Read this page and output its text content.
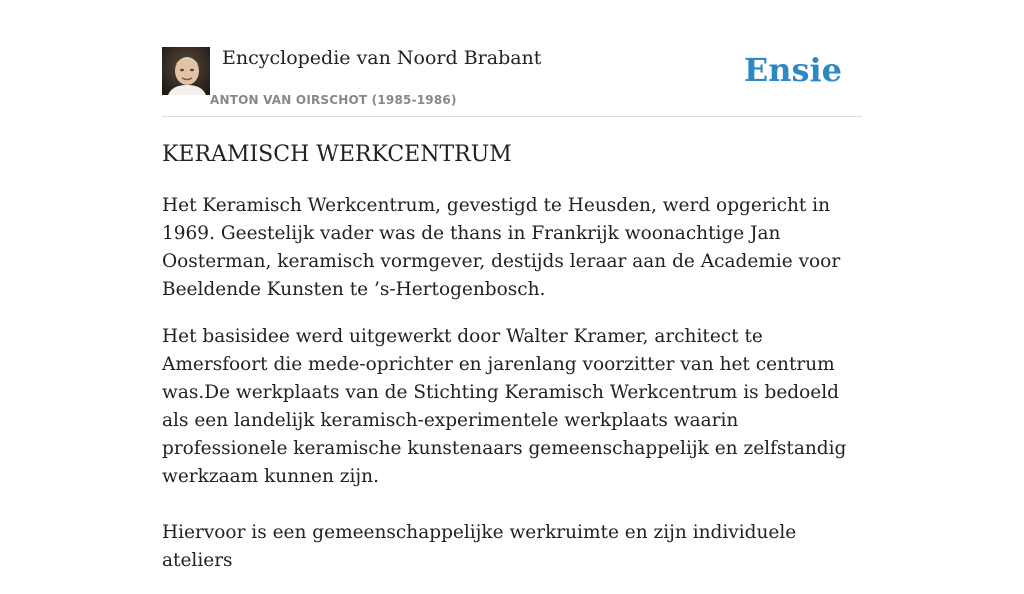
Encyclopedie van Noord Brabant
ANTON VAN OIRSCHOT (1985-1986)
Ensie
KERAMISCH WERKCENTRUM

Het Keramisch Werkcentrum, gevestigd te Heusden, werd opgericht in 1969. Geestelijk vader was de thans in Frankrijk woonachtige Jan Oosterman, keramisch vormgever, destijds leraar aan de Academie voor Beeldende Kunsten te ’s-Hertogenbosch.

Het basisidee werd uitgewerkt door Walter Kramer, architect te Amersfoort die mede-oprichter en jarenlang voorzitter van het centrum was.De werkplaats van de Stichting Keramisch Werkcentrum is bedoeld als een landelijk keramisch-experimentele werkplaats waarin professionele keramische kunstenaars gemeenschappelijk en zelfstandig werkzaam kunnen zijn.

Hiervoor is een gemeenschappelijke werkruimte en zijn individuele ateliers
